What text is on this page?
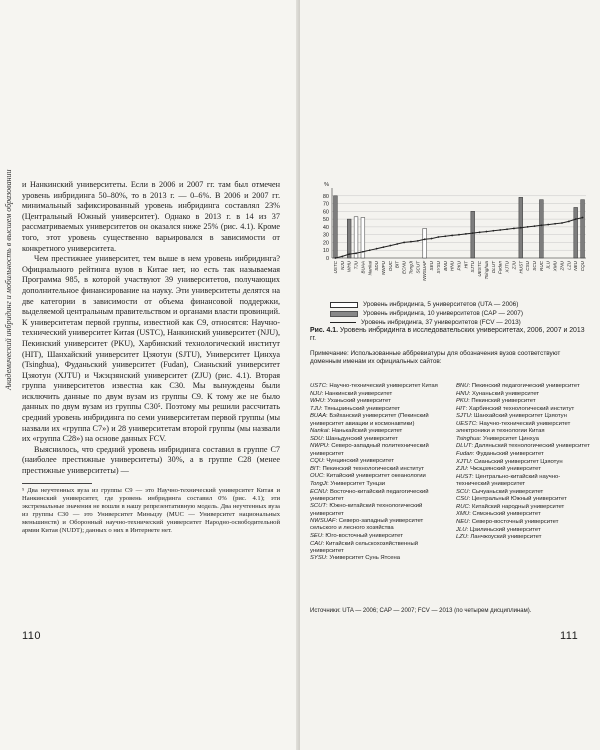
Академический инбридинг и мобильность в высшем образовании	и Нанкинский университеты. Если в 2006 и 2007 гг. там был отмечен уровень инбридинга 50–80%, то в 2013 г. — 0–6%. В 2006 и 2007 гг. минимальный зафиксированный уровень инбридинга составлял 23% (Центральный Южный университет). Однако в 2013 г. в 14 из 37 рассматриваемых университетов он оказался ниже 25% (рис. 4.1). Кроме того, этот уровень существенно варьировался в зависимости от конкретного университета.

Чем престижнее университет, тем выше в нем уровень инбридинга? Официального рейтинга вузов в Китае нет, но есть так называемая Программа 985, в которой участвуют 39 университетов, получающих дополнительное финансирование на науку. Эти университеты делятся на две категории в зависимости от объема финансовой поддержки, выделяемой центральным правительством и органами власти провинций. К университетам первой группы, известной как С9, относятся: Научно-технический университет Китая (USTC), Нанкинский университет (NJU), Пекинский университет (PKU), Харбинский технологический институт (HIT), Шанхайский университет Цзяотун (SJTU), Университет Цинхуа (Tsinghua), Фуданьский университет (Fudan), Сианьский университет Цзяотун (XJTU) и Чжэцзянский университет (ZJU) (рис. 4.1). Вторая группа университетов известна как С30. Мы вынуждены были исключить данные по двум вузам из группы С9. К тому же не было данных по двум вузам из группы С30⁵. Поэтому мы решили рассчитать средний уровень инбридинга по семи университетам первой группы (мы назвали их «группа С7») и 28 университетам второй группы (мы назвали их «группа С28») на основе данных FCV.

Выяснилось, что средний уровень инбридинга составил в группе С7 (наиболее престижные университеты) 30%, а в группе С28 (менее престижные университеты) —

⁵ Два неучтенных вуза из группы С9 — это Научно-технический университет Китая и Нанкинский университет, где уровень инбридинга составил 0% (рис. 4.1); эти экстремальные значения не вошли в нашу репрезентативную модель. Два неучтенных вуза из группы С30 — это Университет Миньцзу (MUC — Университет национальных меньшинств) и Оборонный научно-технический университет Народно-освободительной армии Китая (NUDT); данных о них в Интернете нет.

110
0
10
20
30
40
50
60
70
80
%
USTC NJU WHU TJU BUAA Nankai SDU NWPU OUC BIT ECNU TongJi SCUT NWSUAF SEU SYSU BNU HNU PKU HIT SJTU UESTC Tsinghua DLUT Fudan XJTU ZJU HUST CSU SCU RUC JLU XMU ZNU LZU NEU CQU
Уровень инбридинга, 5 университетов (UTA — 2006)
Уровень инбридинга, 10 университетов (CAP — 2007)
Уровень инбридинга, 37 университетов (FCV — 2013)
Рис. 4.1. Уровень инбридинга в исследовательских университетах, 2006, 2007 и 2013 гг.
Примечание: Использованные аббревиатуры для обозначения вузов соответствуют доменным именам их официальных сайтов:
USTC: Научно-технический университет Китая
NJU: Нанкинский университет
WHU: Уханьский университет
TJU: Тяньцзиньский университет
BUAA: Бэйханский университет (Пекинский университет авиации и космонавтики)
Nankai: Нанькайский университет
SDU: Шаньдунский университет
NWPU: Северо-западный политехнический университет
CQU: Чунцинский университет
BIT: Пекинский технологический институт
OUC: Китайский университет океанологии
TongJi: Университет Тунцзи
ECNU: Восточно-китайский педагогический университет
SCUT: Южно-китайский технологический университет
NWSUAF: Северо-западный университет сельского и лесного хозяйства
SEU: Юго-восточный университет
CAU: Китайский сельскохозяйственный университет
SYSU: Университет Сунь Ятсена
BNU: Пекинский педагогический университет
HNU: Хунаньский университет
PKU: Пекинский университет
HIT: Харбинский технологический институт
SJTU: Шанхайский университет Цзяотун
UESTC: Научно-технический университет электроники и технологии Китая
Tsinghua: Университет Цинхуа
DLUT: Даляньский технологический университет
Fudan: Фуданьский университет
XJTU: Сианьский университет Цзяотун
ZJU: Чжэцзянский университет
HUST: Центрально-китайский научно-технический университет
SCU: Сычуаньский университет
CSU: Центральный Южный университет
RUC: Китайский народный университет
XMU: Сямэньский университет
NEU: Северо-восточный университет
JLU: Цзилиньский университет
LZU: Ланчжоуский университет
Источники: UTA — 2006; CAP — 2007; FCV — 2013 (по четырем дисциплинам).
111
